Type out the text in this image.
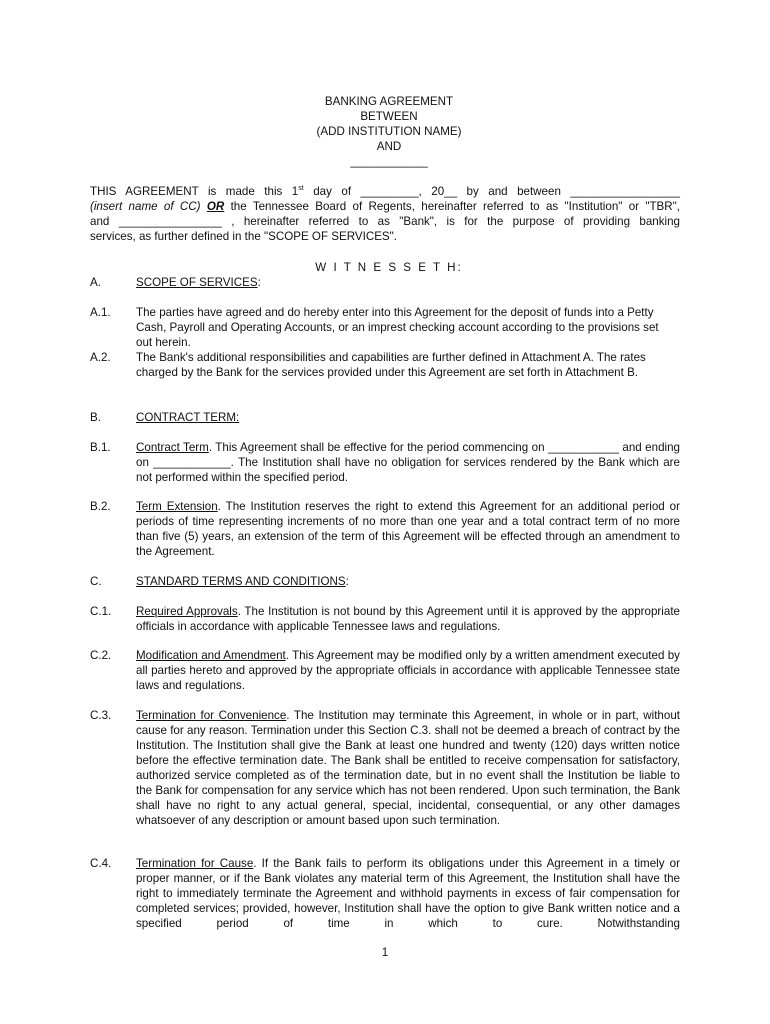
BANKING AGREEMENT
BETWEEN
(ADD INSTITUTION NAME)
AND
____________
THIS AGREEMENT is made this 1st day of _________, 20__ by and between _________________
(insert name of CC) OR the Tennessee Board of Regents, hereinafter referred to as "Institution" or "TBR",
and ________________ , hereinafter referred to as "Bank", is for the purpose of providing banking
services, as further defined in the "SCOPE OF SERVICES".
W I T N E S S E T H:
A.	SCOPE OF SERVICES:
A.1. The parties have agreed and do hereby enter into this Agreement for the deposit of funds into a Petty Cash, Payroll and Operating Accounts, or an imprest checking account according to the provisions set out herein.
A.2. The Bank's additional responsibilities and capabilities are further defined in Attachment A. The rates charged by the Bank for the services provided under this Agreement are set forth in Attachment B.
B.	CONTRACT TERM:
B.1. Contract Term. This Agreement shall be effective for the period commencing on ___________ and ending on ____________. The Institution shall have no obligation for services rendered by the Bank which are not performed within the specified period.
B.2. Term Extension. The Institution reserves the right to extend this Agreement for an additional period or periods of time representing increments of no more than one year and a total contract term of no more than five (5) years, an extension of the term of this Agreement will be effected through an amendment to the Agreement.
C.	STANDARD TERMS AND CONDITIONS:
C.1. Required Approvals. The Institution is not bound by this Agreement until it is approved by the appropriate officials in accordance with applicable Tennessee laws and regulations.
C.2. Modification and Amendment. This Agreement may be modified only by a written amendment executed by all parties hereto and approved by the appropriate officials in accordance with applicable Tennessee state laws and regulations.
C.3. Termination for Convenience. The Institution may terminate this Agreement, in whole or in part, without cause for any reason. Termination under this Section C.3. shall not be deemed a breach of contract by the Institution. The Institution shall give the Bank at least one hundred and twenty (120) days written notice before the effective termination date. The Bank shall be entitled to receive compensation for satisfactory, authorized service completed as of the termination date, but in no event shall the Institution be liable to the Bank for compensation for any service which has not been rendered. Upon such termination, the Bank shall have no right to any actual general, special, incidental, consequential, or any other damages whatsoever of any description or amount based upon such termination.
C.4. Termination for Cause. If the Bank fails to perform its obligations under this Agreement in a timely or proper manner, or if the Bank violates any material term of this Agreement, the Institution shall have the right to immediately terminate the Agreement and withhold payments in excess of fair compensation for completed services; provided, however, Institution shall have the option to give Bank written notice and a specified period of time in which to cure. Notwithstanding
1
